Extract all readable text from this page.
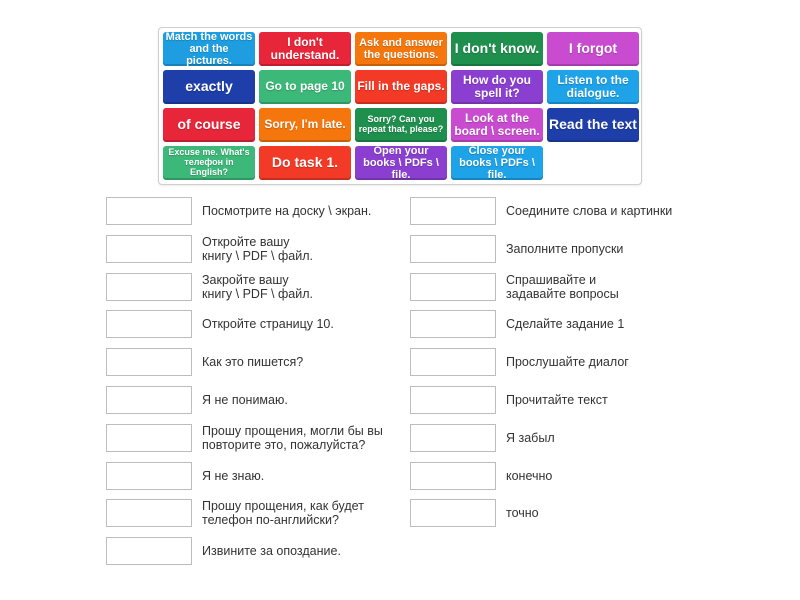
Match the words and the pictures.
I don't understand.
Ask and answer the questions.	I don't know.	I forgot
exactly	Go to page 10	Fill in the gaps.	How do you spell it?
Listen to the dialogue.
of course	Sorry, I'm late.	Sorry? Can you repeat that, please?
Look at the board \ screen. Read the text
Excuse me. What's телефон in English?
Do task 1.
Open your books \ PDFs \ file.
Close your books \ PDFs \ file.
Посмотрите на доску \ экран.
Откройте вашу
книгу \ PDF \ файл.
Закройте вашу
книгу \ PDF \ файл.
Откройте страницу 10.
Как это пишется?
Я не понимаю.
Прошу прощения, могли бы вы
повторите это, пожалуйста?
Я не знаю.
Прошу прощения, как будет
телефон по-английски?
Извините за опоздание.
Соедините слова и картинки
Заполните пропуски
Спрашивайте и
задавайте вопросы
Сделайте задание 1
Прослушайте диалог
Прочитайте текст
Я забыл
конечно
точно
